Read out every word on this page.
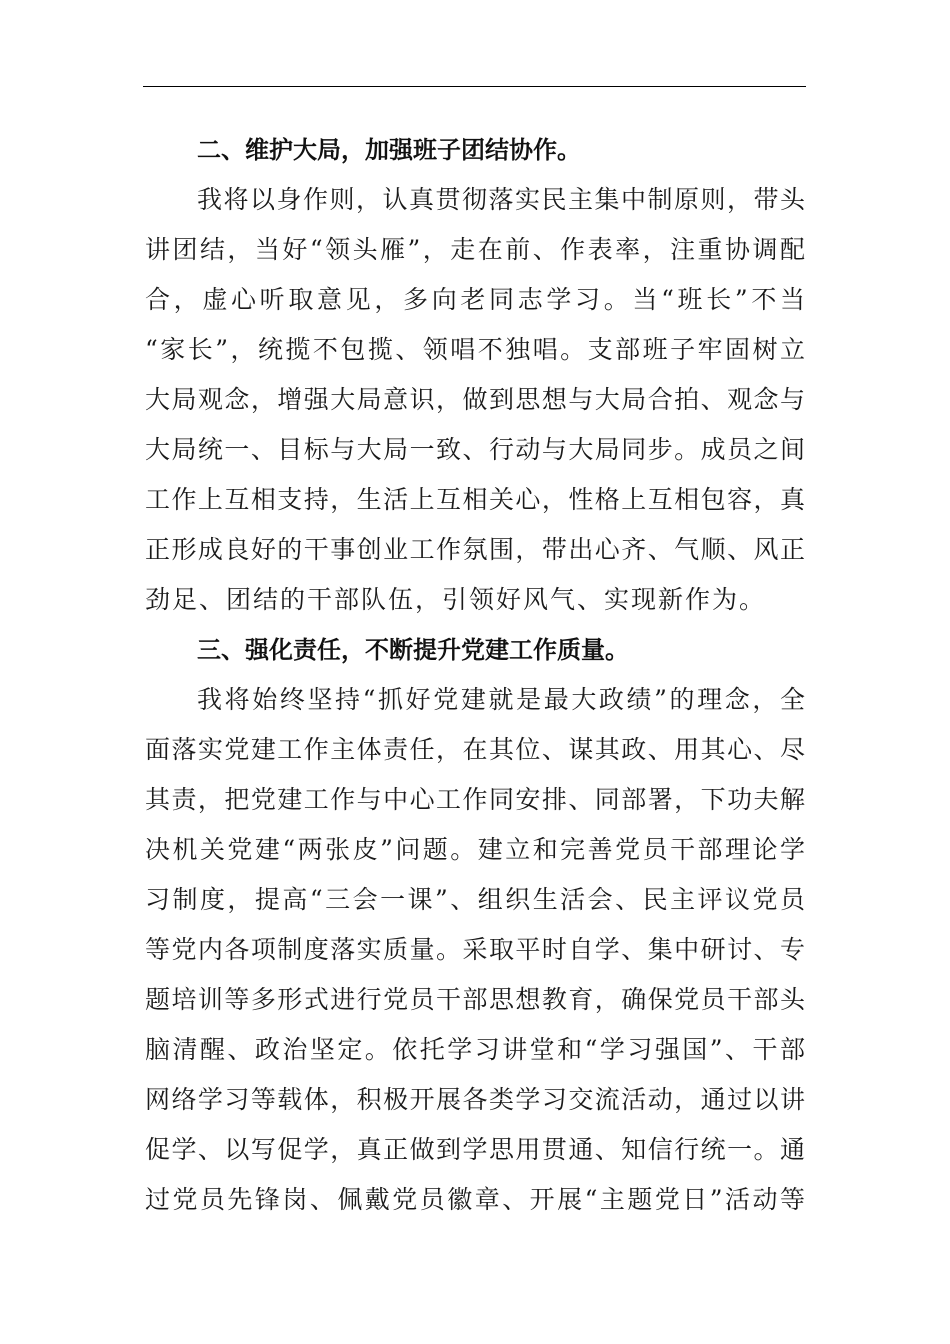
二、维护大局，加强班子团结协作。
我将以身作则，认真贯彻落实民主集中制原则，带头
讲团结，当好“领头雁”，走在前、作表率，注重协调配
合，虚心听取意见，多向老同志学习。当“班长”不当
“家长”，统揽不包揽、领唱不独唱。支部班子牢固树立
大局观念，增强大局意识，做到思想与大局合拍、观念与
大局统一、目标与大局一致、行动与大局同步。成员之间
工作上互相支持，生活上互相关心，性格上互相包容，真
正形成良好的干事创业工作氛围，带出心齐、气顺、风正
劲足、团结的干部队伍，引领好风气、实现新作为。
三、强化责任，不断提升党建工作质量。
我将始终坚持“抓好党建就是最大政绩”的理念，全
面落实党建工作主体责任，在其位、谋其政、用其心、尽
其责，把党建工作与中心工作同安排、同部署，下功夫解
决机关党建“两张皮”问题。建立和完善党员干部理论学
习制度，提高“三会一课”、组织生活会、民主评议党员
等党内各项制度落实质量。采取平时自学、集中研讨、专
题培训等多形式进行党员干部思想教育，确保党员干部头
脑清醒、政治坚定。依托学习讲堂和“学习强国”、干部
网络学习等载体，积极开展各类学习交流活动，通过以讲
促学、以写促学，真正做到学思用贯通、知信行统一。通
过党员先锋岗、佩戴党员徽章、开展“主题党日”活动等
